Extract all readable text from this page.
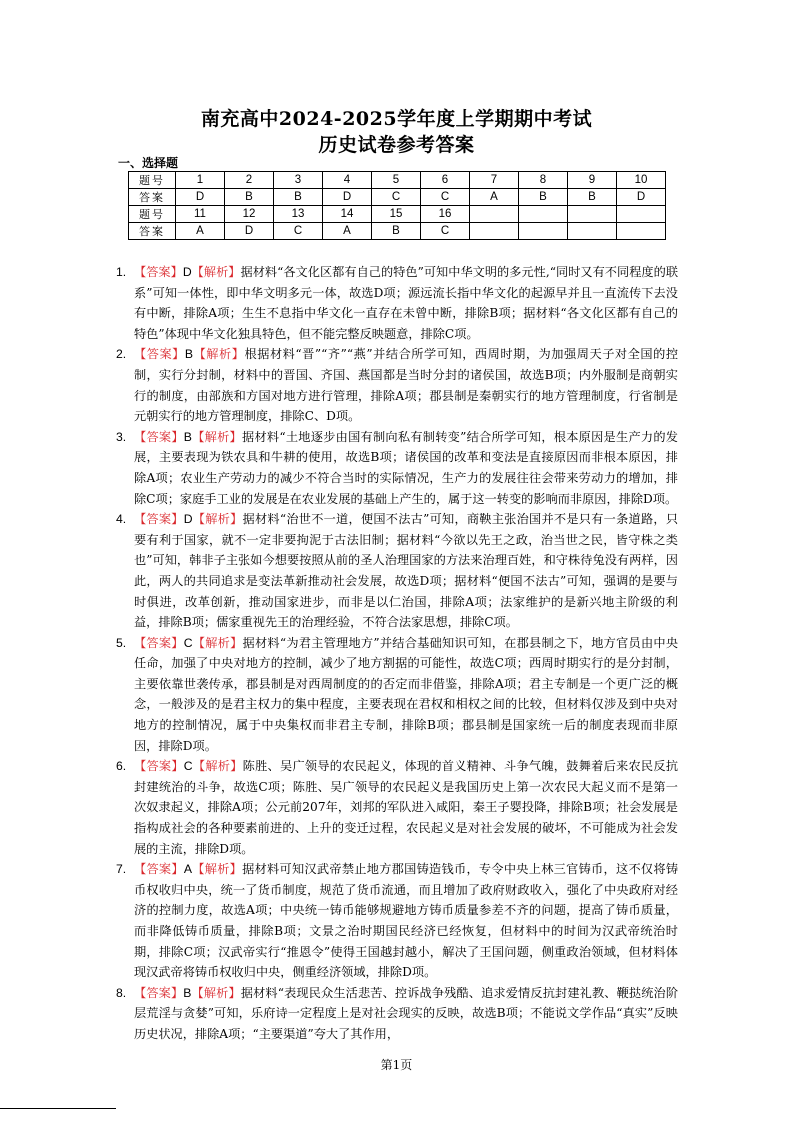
南充高中2024-2025学年度上学期期中考试
历史试卷参考答案
一、选择题
题号	1	2	3	4	5	6	7	8	9	10
答案	D	B	B	D	C	C	A	B	B	D
题号	11	12	13	14	15	16				
答案	A	D	C	A	B	C				

1. 【答案】D【解析】据材料“各文化区都有自己的特色”可知中华文明的多元性,“同时又有不同程度的联系”可知一体性，即中华文明多元一体，故选D项；源远流长指中华文化的起源早并且一直流传下去没有中断，排除A项；生生不息指中华文化一直存在未曾中断，排除B项；据材料“各文化区都有自己的特色”体现中华文化独具特色，但不能完整反映题意，排除C项。

2. 【答案】B【解析】根据材料“晋”“齐”“燕”并结合所学可知，西周时期，为加强周天子对全国的控制，实行分封制，材料中的晋国、齐国、燕国都是当时分封的诸侯国，故选B项；内外服制是商朝实行的制度，由部族和方国对地方进行管理，排除A项；郡县制是秦朝实行的地方管理制度，行省制是元朝实行的地方管理制度，排除C、D项。

3. 【答案】B【解析】据材料“土地逐步由国有制向私有制转变”结合所学可知，根本原因是生产力的发展，主要表现为铁农具和牛耕的使用，故选B项；诸侯国的改革和变法是直接原因而非根本原因，排除A项；农业生产劳动力的减少不符合当时的实际情况，生产力的发展往往会带来劳动力的增加，排除C项；家庭手工业的发展是在农业发展的基础上产生的，属于这一转变的影响而非原因，排除D项。

4. 【答案】D【解析】据材料“治世不一道，便国不法古”可知，商鞅主张治国并不是只有一条道路，只要有利于国家，就不一定非要拘泥于古法旧制；据材料“今欲以先王之政，治当世之民，皆守株之类也”可知，韩非子主张如今想要按照从前的圣人治理国家的方法来治理百姓，和守株待兔没有两样，因此，两人的共同追求是变法革新推动社会发展，故选D项；据材料“便国不法古”可知，强调的是要与时俱进，改革创新，推动国家进步，而非是以仁治国，排除A项；法家维护的是新兴地主阶级的利益，排除B项；儒家重视先王的治理经验，不符合法家思想，排除C项。

5. 【答案】C【解析】据材料“为君主管理地方”并结合基础知识可知，在郡县制之下，地方官员由中央任命，加强了中央对地方的控制，减少了地方割据的可能性，故选C项；西周时期实行的是分封制，主要依靠世袭传承，郡县制是对西周制度的的否定而非借鉴，排除A项；君主专制是一个更广泛的概念，一般涉及的是君主权力的集中程度，主要表现在君权和相权之间的比较，但材料仅涉及到中央对地方的控制情况，属于中央集权而非君主专制，排除B项；郡县制是国家统一后的制度表现而非原因，排除D项。

6. 【答案】C【解析】陈胜、吴广领导的农民起义，体现的首义精神、斗争气魄，鼓舞着后来农民反抗封建统治的斗争，故选C项；陈胜、吴广领导的农民起义是我国历史上第一次农民大起义而不是第一次奴隶起义，排除A项；公元前207年，刘邦的军队进入咸阳，秦王子婴投降，排除B项；社会发展是指构成社会的各种要素前进的、上升的变迁过程，农民起义是对社会发展的破坏，不可能成为社会发展的主流，排除D项。

7. 【答案】A【解析】据材料可知汉武帝禁止地方郡国铸造钱币，专令中央上林三官铸币，这不仅将铸币权收归中央，统一了货币制度，规范了货币流通，而且增加了政府财政收入，强化了中央政府对经济的控制力度，故选A项；中央统一铸币能够规避地方铸币质量参差不齐的问题，提高了铸币质量，而非降低铸币质量，排除B项；文景之治时期国民经济已经恢复，但材料中的时间为汉武帝统治时期，排除C项；汉武帝实行“推恩令”使得王国越封越小，解决了王国问题，侧重政治领域，但材料体现汉武帝将铸币权收归中央，侧重经济领域，排除D项。

8. 【答案】B【解析】据材料“表现民众生活悲苦、控诉战争残酷、追求爱情反抗封建礼教、鞭挞统治阶层荒淫与贪婪”可知，乐府诗一定程度上是对社会现实的反映，故选B项；不能说文学作品“真实”反映历史状况，排除A项；“主要渠道”夸大了其作用，

第1页
